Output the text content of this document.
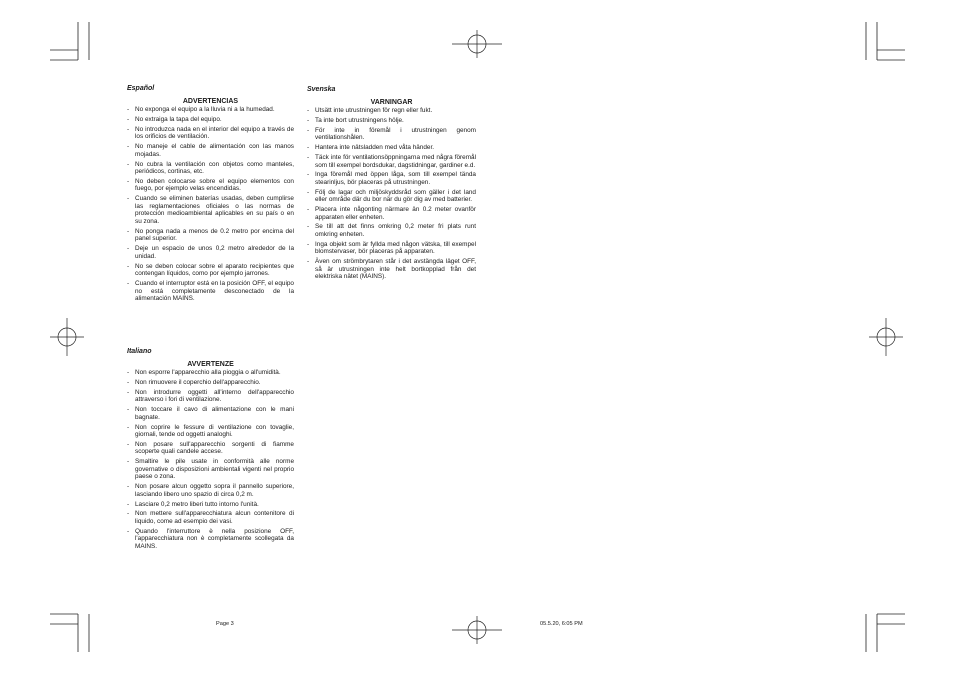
Español
ADVERTENCIAS
- No exponga el equipo a la lluvia ni a la humedad.
- No extraiga la tapa del equipo.
- No introduzca nada en el interior del equipo a través de los orificios de ventilación.
- No maneje el cable de alimentación con las manos mojadas.
- No cubra la ventilación con objetos como manteles, periódicos, cortinas, etc.
- No deben colocarse sobre el equipo elementos con fuego, por ejemplo velas encendidas.
- Cuando se eliminen baterías usadas, deben cumplirse las reglamentaciones oficiales o las normas de protección medioambiental aplicables en su país o en su zona.
- No ponga nada a menos de 0.2 metro por encima del panel superior.
- Deje un espacio de unos 0,2 metro alrededor de la unidad.
- No se deben colocar sobre el aparato recipientes que contengan líquidos, como por ejemplo jarrones.
- Cuando el interruptor está en la posición OFF, el equipo no está completamente desconectado de la alimentación MAINS.
Italiano
AVVERTENZE
- Non esporre l'apparecchio alla pioggia o all'umidità.
- Non rimuovere il coperchio dell'apparecchio.
- Non introdurre oggetti all'interno dell'apparecchio attraverso i fori di ventilazione.
- Non toccare il cavo di alimentazione con le mani bagnate.
- Non coprire le fessure di ventilazione con tovaglie, giornali, tende od oggetti analoghi.
- Non posare sull'apparecchio sorgenti di fiamme scoperte quali candele accese.
- Smaltire le pile usate in conformità alle norme governative o disposizioni ambientali vigenti nel proprio paese o zona.
- Non posare alcun oggetto sopra il pannello superiore, lasciando libero uno spazio di circa 0,2 m.
- Lasciare 0,2 metro liberi tutto intorno l'unità.
- Non mettere sull'apparecchiatura alcun contenitore di liquido, come ad esempio dei vasi.
- Quando l'interruttore è nella posizione OFF, l'apparecchiatura non è completamente scollegata da MAINS.
Svenska
VARNINGAR
- Utsätt inte utrustningen för regn eller fukt.
- Ta inte bort utrustningens hölje.
- För inte in föremål i utrustningen genom ventilationshålen.
- Hantera inte nätsladden med våta händer.
- Täck inte för ventilationsöppningarna med några föremål som till exempel bordsdukar, dagstidningar, gardiner e.d.
- Inga föremål med öppen låga, som till exempel tända stearinljus, bör placeras på utrustningen.
- Följ de lagar och miljöskyddsråd som gäller i det land eller område där du bor när du gör dig av med batterier.
- Placera inte någonting närmare än 0.2 meter ovanför apparaten eller enheten.
- Se till att det finns omkring 0,2 meter fri plats runt omkring enheten.
- Inga objekt som är fyllda med någon vätska, till exempel blomstervaser, bör placeras på apparaten.
- Även om strömbrytaren står i det avstängda läget OFF, så är utrustningen inte helt bortkopplad från det elektriska nätet (MAINS).
Page 3	05.5.20, 6:05 PM
